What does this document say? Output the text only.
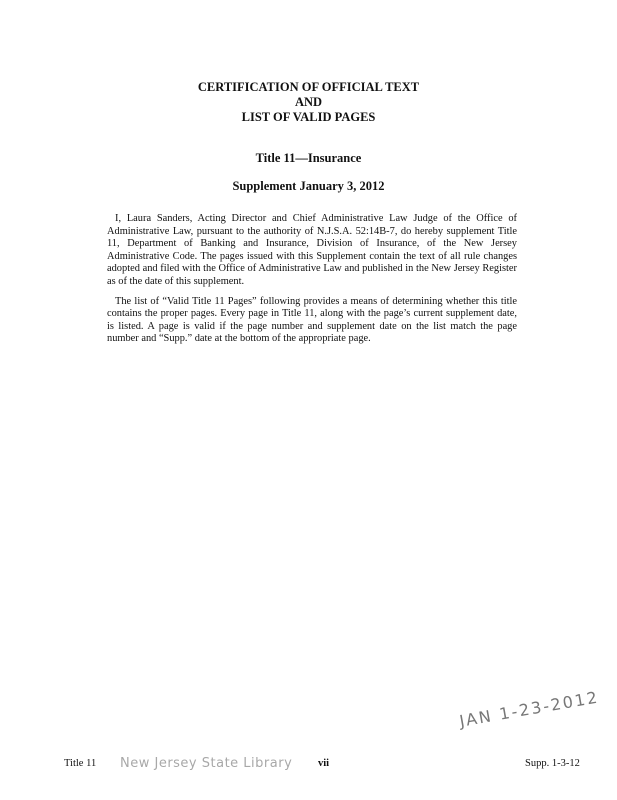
CERTIFICATION OF OFFICIAL TEXT
AND
LIST OF VALID PAGES
Title 11—Insurance
Supplement January 3, 2012

I, Laura Sanders, Acting Director and Chief Administrative Law Judge of the Office of Administrative Law, pursuant to the authority of N.J.S.A. 52:14B-7, do hereby supplement Title 11, Department of Banking and Insurance, Division of Insurance, of the New Jersey Administrative Code. The pages issued with this Supplement contain the text of all rule changes adopted and filed with the Office of Administrative Law and published in the New Jersey Register as of the date of this supplement.

The list of “Valid Title 11 Pages” following provides a means of determining whether this title contains the proper pages. Every page in Title 11, along with the page’s current supplement date, is listed. A page is valid if the page number and supplement date on the list match the page number and “Supp.” date at the bottom of the appropriate page.

JAN 1-23-2012
Title 11 New Jersey State Library vii	Supp. 1-3-12
